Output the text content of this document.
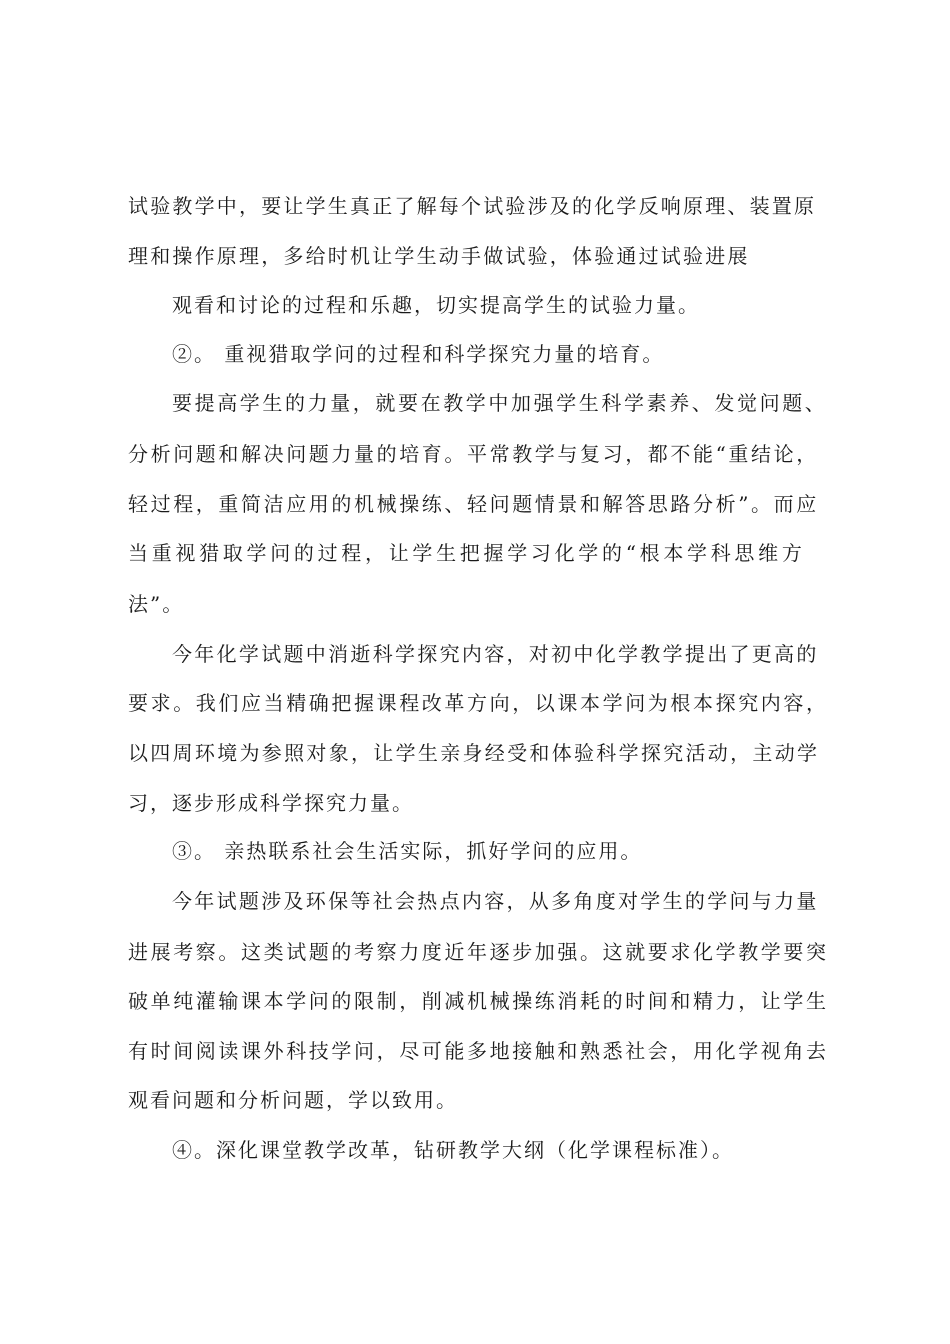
试验教学中，要让学生真正了解每个试验涉及的化学反响原理、装置原
理和操作原理，多给时机让学生动手做试验，体验通过试验进展
观看和讨论的过程和乐趣，切实提高学生的试验力量。
②。 重视猎取学问的过程和科学探究力量的培育。
要提高学生的力量，就要在教学中加强学生科学素养、发觉问题、
分析问题和解决问题力量的培育。平常教学与复习，都不能“重结论，
轻过程，重简洁应用的机械操练、轻问题情景和解答思路分析”。而应
当重视猎取学问的过程，让学生把握学习化学的“根本学科思维方
法”。
今年化学试题中消逝科学探究内容，对初中化学教学提出了更高的
要求。我们应当精确把握课程改革方向，以课本学问为根本探究内容，
以四周环境为参照对象，让学生亲身经受和体验科学探究活动，主动学
习，逐步形成科学探究力量。
③。 亲热联系社会生活实际，抓好学问的应用。
今年试题涉及环保等社会热点内容，从多角度对学生的学问与力量
进展考察。这类试题的考察力度近年逐步加强。这就要求化学教学要突
破单纯灌输课本学问的限制，削减机械操练消耗的时间和精力，让学生
有时间阅读课外科技学问，尽可能多地接触和熟悉社会，用化学视角去
观看问题和分析问题，学以致用。
④。深化课堂教学改革，钻研教学大纲（化学课程标准）。
